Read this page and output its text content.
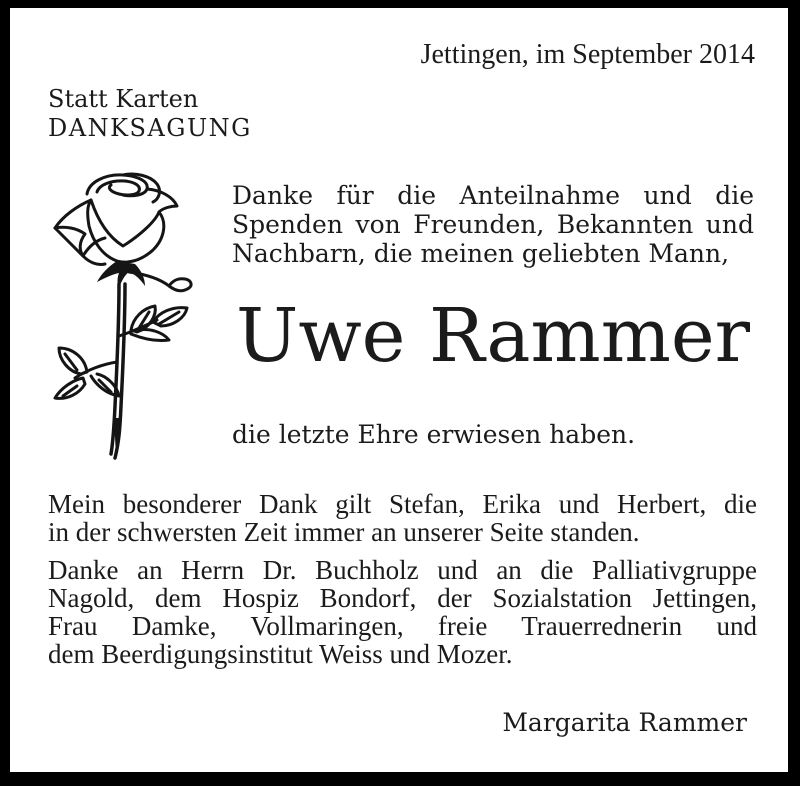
Jettingen, im September 2014
Statt Karten
DANKSAGUNG
Danke für die Anteilnahme und die
Spenden von Freunden, Bekannten und
Nachbarn, die meinen geliebten Mann,
Uwe Rammer
die letzte Ehre erwiesen haben.
Mein besonderer Dank gilt Stefan, Erika und Herbert, die
in der schwersten Zeit immer an unserer Seite standen.
Danke an Herrn Dr. Buchholz und an die Palliativgruppe
Nagold, dem Hospiz Bondorf, der Sozialstation Jettingen,
Frau Damke, Vollmaringen, freie Trauerrednerin und
dem Beerdigungsinstitut Weiss und Mozer.
Margarita Rammer
